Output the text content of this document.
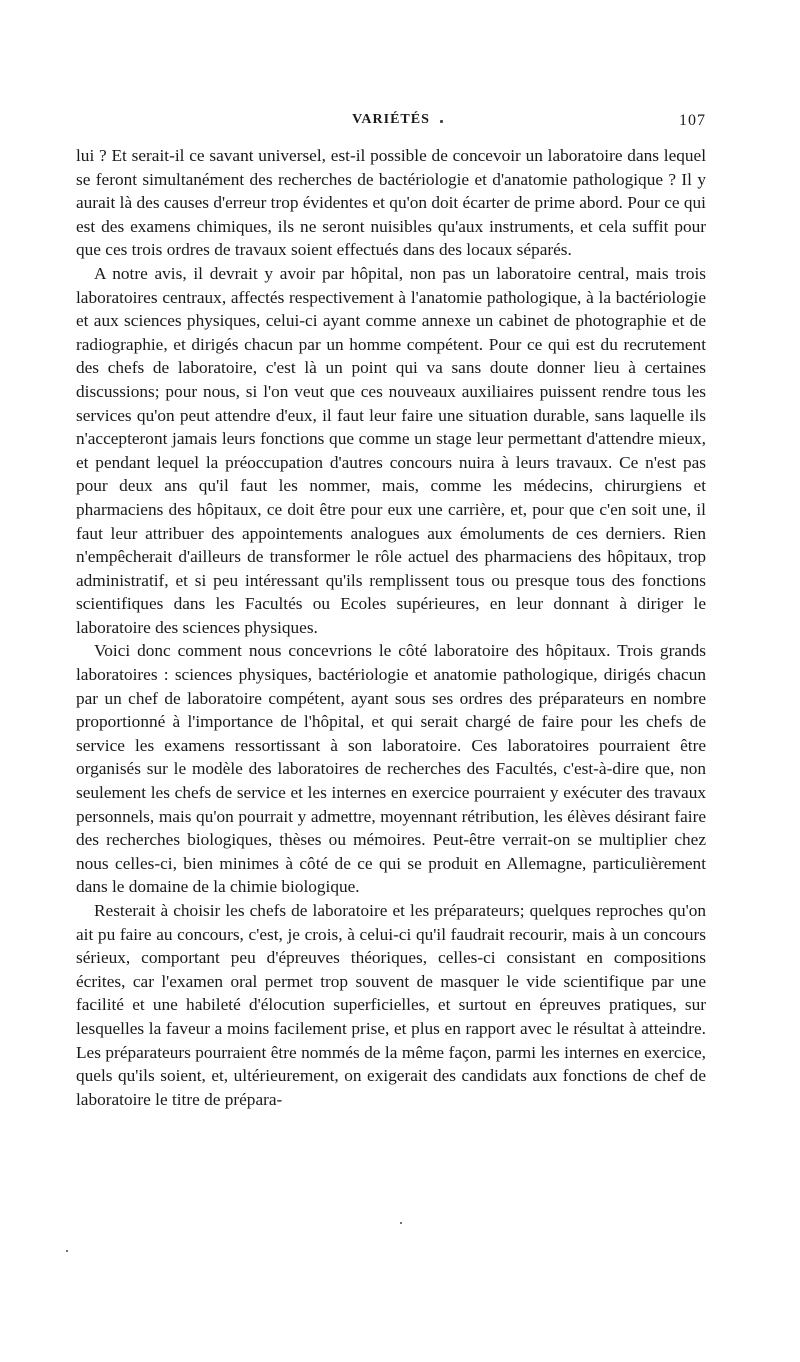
VARIÉTÉS	107

lui ? Et serait-il ce savant universel, est-il possible de concevoir un laboratoire dans lequel se feront simultanément des recherches de bactériologie et d'anatomie pathologique ? Il y aurait là des causes d'erreur trop évidentes et qu'on doit écarter de prime abord. Pour ce qui est des examens chimiques, ils ne seront nuisibles qu'aux instruments, et cela suffit pour que ces trois ordres de travaux soient effectués dans des locaux séparés.

A notre avis, il devrait y avoir par hôpital, non pas un laboratoire central, mais trois laboratoires centraux, affectés respectivement à l'anatomie pathologique, à la bactériologie et aux sciences physiques, celui-ci ayant comme annexe un cabinet de photographie et de radiographie, et dirigés chacun par un homme compétent. Pour ce qui est du recrutement des chefs de laboratoire, c'est là un point qui va sans doute donner lieu à certaines discussions; pour nous, si l'on veut que ces nouveaux auxiliaires puissent rendre tous les services qu'on peut attendre d'eux, il faut leur faire une situation durable, sans laquelle ils n'accepteront jamais leurs fonctions que comme un stage leur permettant d'attendre mieux, et pendant lequel la préoccupation d'autres concours nuira à leurs travaux. Ce n'est pas pour deux ans qu'il faut les nommer, mais, comme les médecins, chirurgiens et pharmaciens des hôpitaux, ce doit être pour eux une carrière, et, pour que c'en soit une, il faut leur attribuer des appointements analogues aux émoluments de ces derniers. Rien n'empêcherait d'ailleurs de transformer le rôle actuel des pharmaciens des hôpitaux, trop administratif, et si peu intéressant qu'ils remplissent tous ou presque tous des fonctions scientifiques dans les Facultés ou Ecoles supérieures, en leur donnant à diriger le laboratoire des sciences physiques.

Voici donc comment nous concevrions le côté laboratoire des hôpitaux. Trois grands laboratoires : sciences physiques, bactériologie et anatomie pathologique, dirigés chacun par un chef de laboratoire compétent, ayant sous ses ordres des préparateurs en nombre proportionné à l'importance de l'hôpital, et qui serait chargé de faire pour les chefs de service les examens ressortissant à son laboratoire. Ces laboratoires pourraient être organisés sur le modèle des laboratoires de recherches des Facultés, c'est-à-dire que, non seulement les chefs de service et les internes en exercice pourraient y exécuter des travaux personnels, mais qu'on pourrait y admettre, moyennant rétribution, les élèves désirant faire des recherches biologiques, thèses ou mémoires. Peut-être verrait-on se multiplier chez nous celles-ci, bien minimes à côté de ce qui se produit en Allemagne, particulièrement dans le domaine de la chimie biologique.

Resterait à choisir les chefs de laboratoire et les préparateurs; quelques reproches qu'on ait pu faire au concours, c'est, je crois, à celui-ci qu'il faudrait recourir, mais à un concours sérieux, comportant peu d'épreuves théoriques, celles-ci consistant en compositions écrites, car l'examen oral permet trop souvent de masquer le vide scientifique par une facilité et une habileté d'élocution superficielles, et surtout en épreuves pratiques, sur lesquelles la faveur a moins facilement prise, et plus en rapport avec le résultat à atteindre. Les préparateurs pourraient être nommés de la même façon, parmi les internes en exercice, quels qu'ils soient, et, ultérieurement, on exigerait des candidats aux fonctions de chef de laboratoire le titre de prépara-
